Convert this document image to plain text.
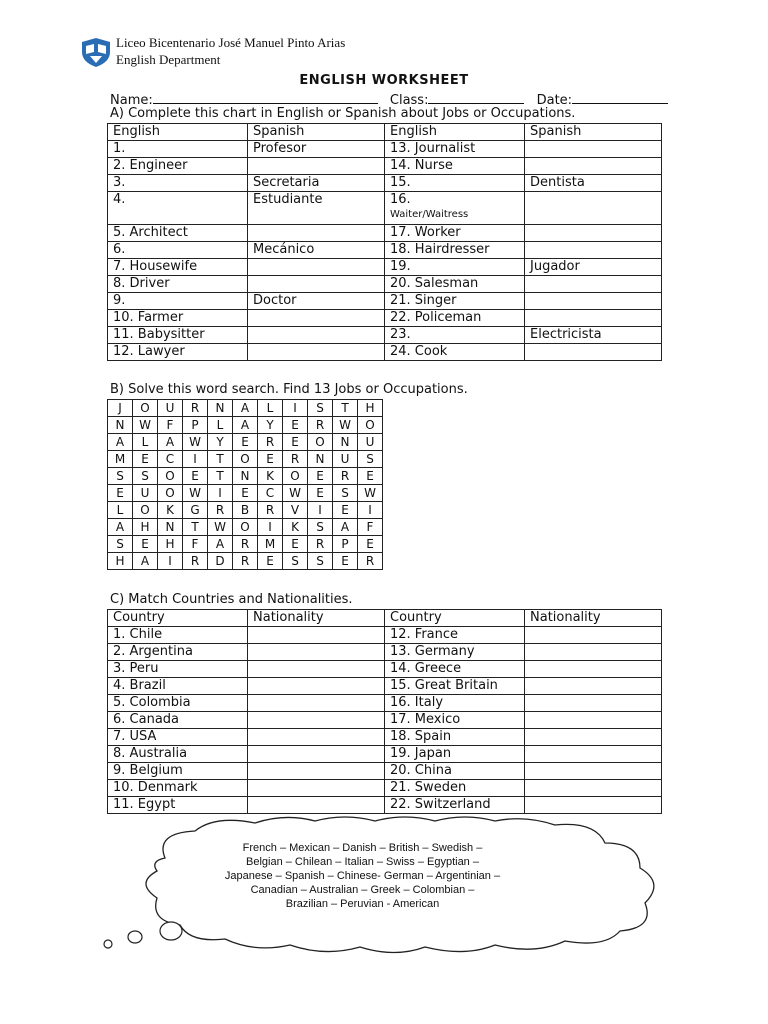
Liceo Bicentenario José Manuel Pinto Arias
English Department
ENGLISH WORKSHEET
Name:	Class:	Date:
A) Complete this chart in English or Spanish about Jobs or Occupations.
English	Spanish	English	Spanish
1.	Profesor	13. Journalist	
2. Engineer		14. Nurse	
3.	Secretaria	15.	Dentista
4.	Estudiante	16.
Waiter/Waitress	

5. Architect		17. Worker	
6.	Mecánico	18. Hairdresser	
7. Housewife		19.	Jugador
8. Driver		20. Salesman	
9.	Doctor	21. Singer	
10. Farmer		22. Policeman	
11. Babysitter		23.	Electricista
12. Lawyer		24. Cook	
B) Solve this word search. Find 13 Jobs or Occupations.
J	O	U	R	N	A	L	I	S	T	H
N	W	F	P	L	A	Y	E	R	W	O
A	L	A	W	Y	E	R	E	O	N	U
M	E	C	I	T	O	E	R	N	U	S
S	S	O	E	T	N	K	O	E	R	E
E	U	O	W	I	E	C	W	E	S	W
L	O	K	G	R	B	R	V	I	E	I
A	H	N	T	W	O	I	K	S	A	F
S	E	H	F	A	R	M	E	R	P	E
H	A	I	R	D	R	E	S	S	E	R
C) Match Countries and Nationalities.
Country	Nationality	Country	Nationality
1. Chile		12. France	
2. Argentina		13. Germany	
3. Peru		14. Greece	
4. Brazil		15. Great Britain	
5. Colombia		16. Italy	
6. Canada		17. Mexico	
7. USA		18. Spain	
8. Australia		19. Japan	
9. Belgium		20. China	
10. Denmark		21. Sweden	
11. Egypt		22. Switzerland	
French – Mexican – Danish – British – Swedish –
Belgian – Chilean – Italian – Swiss – Egyptian –
Japanese – Spanish – Chinese- German – Argentinian –
Canadian – Australian – Greek – Colombian –
Brazilian – Peruvian - American
